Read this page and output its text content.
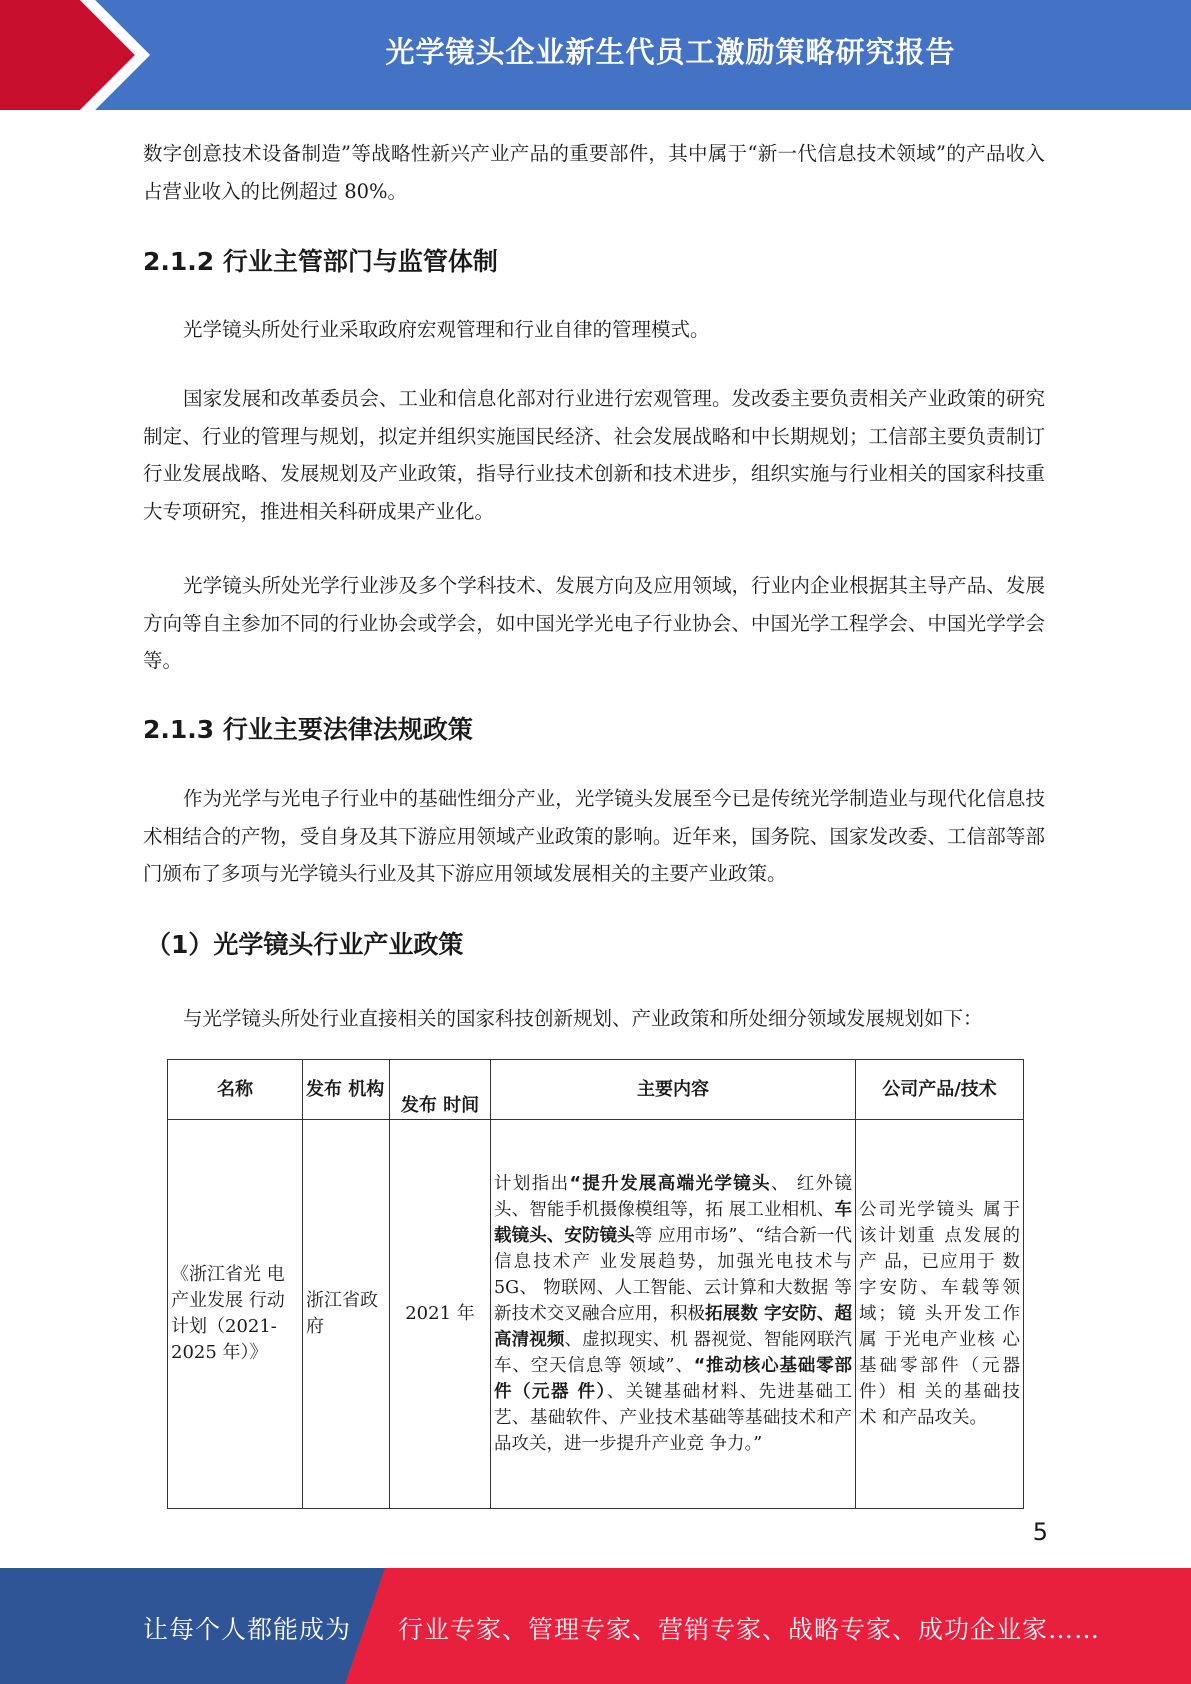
光学镜头企业新生代员工激励策略研究报告

数字创意技术设备制造”等战略性新兴产业产品的重要部件，其中属于“新一代信息技术领域”的产品收入占营业收入的比例超过 80%。

2.1.2 行业主管部门与监管体制

光学镜头所处行业采取政府宏观管理和行业自律的管理模式。

国家发展和改革委员会、工业和信息化部对行业进行宏观管理。发改委主要负责相关产业政策的研究制定、行业的管理与规划，拟定并组织实施国民经济、社会发展战略和中长期规划；工信部主要负责制订行业发展战略、发展规划及产业政策，指导行业技术创新和技术进步，组织实施与行业相关的国家科技重大专项研究，推进相关科研成果产业化。

光学镜头所处光学行业涉及多个学科技术、发展方向及应用领域，行业内企业根据其主导产品、发展方向等自主参加不同的行业协会或学会，如中国光学光电子行业协会、中国光学工程学会、中国光学学会等。

2.1.3 行业主要法律法规政策

作为光学与光电子行业中的基础性细分产业，光学镜头发展至今已是传统光学制造业与现代化信息技术相结合的产物，受自身及其下游应用领域产业政策的影响。近年来，国务院、国家发改委、工信部等部门颁布了多项与光学镜头行业及其下游应用领域发展相关的主要产业政策。

（1）光学镜头行业产业政策

与光学镜头所处行业直接相关的国家科技创新规划、产业政策和所处细分领域发展规划如下：

名称	发布 机构	发布 时间	主要内容	公司产品/技术
《浙江省光 电产业发展 行动计划（2021-2025 年）》	浙江省政府	2021 年	计划指出“提升发展高端光学镜头、 红外镜头、智能手机摄像模组等，拓 展工业相机、车载镜头、安防镜头等 应用市场”、“结合新一代信息技术产 业发展趋势，加强光电技术与 5G、 物联网、人工智能、云计算和大数据 等新技术交叉融合应用，积极拓展数 字安防、超高清视频、虚拟现实、机 器视觉、智能网联汽车、空天信息等 领域”、“推动核心基础零部件（元器 件）、关键基础材料、先进基础工 艺、基础软件、产业技术基础等基础技术和产品攻关，进一步提升产业竞 争力。”	公司光学镜头 属于该计划重 点发展的产 品，已应用于 数字安防、车载等领域；镜 头开发工作属 于光电产业核 心基础零部件（元器件）相 关的基础技术 和产品攻关。
5
让每个人都能成为 行业专家、管理专家、营销专家、战略专家、成功企业家……
